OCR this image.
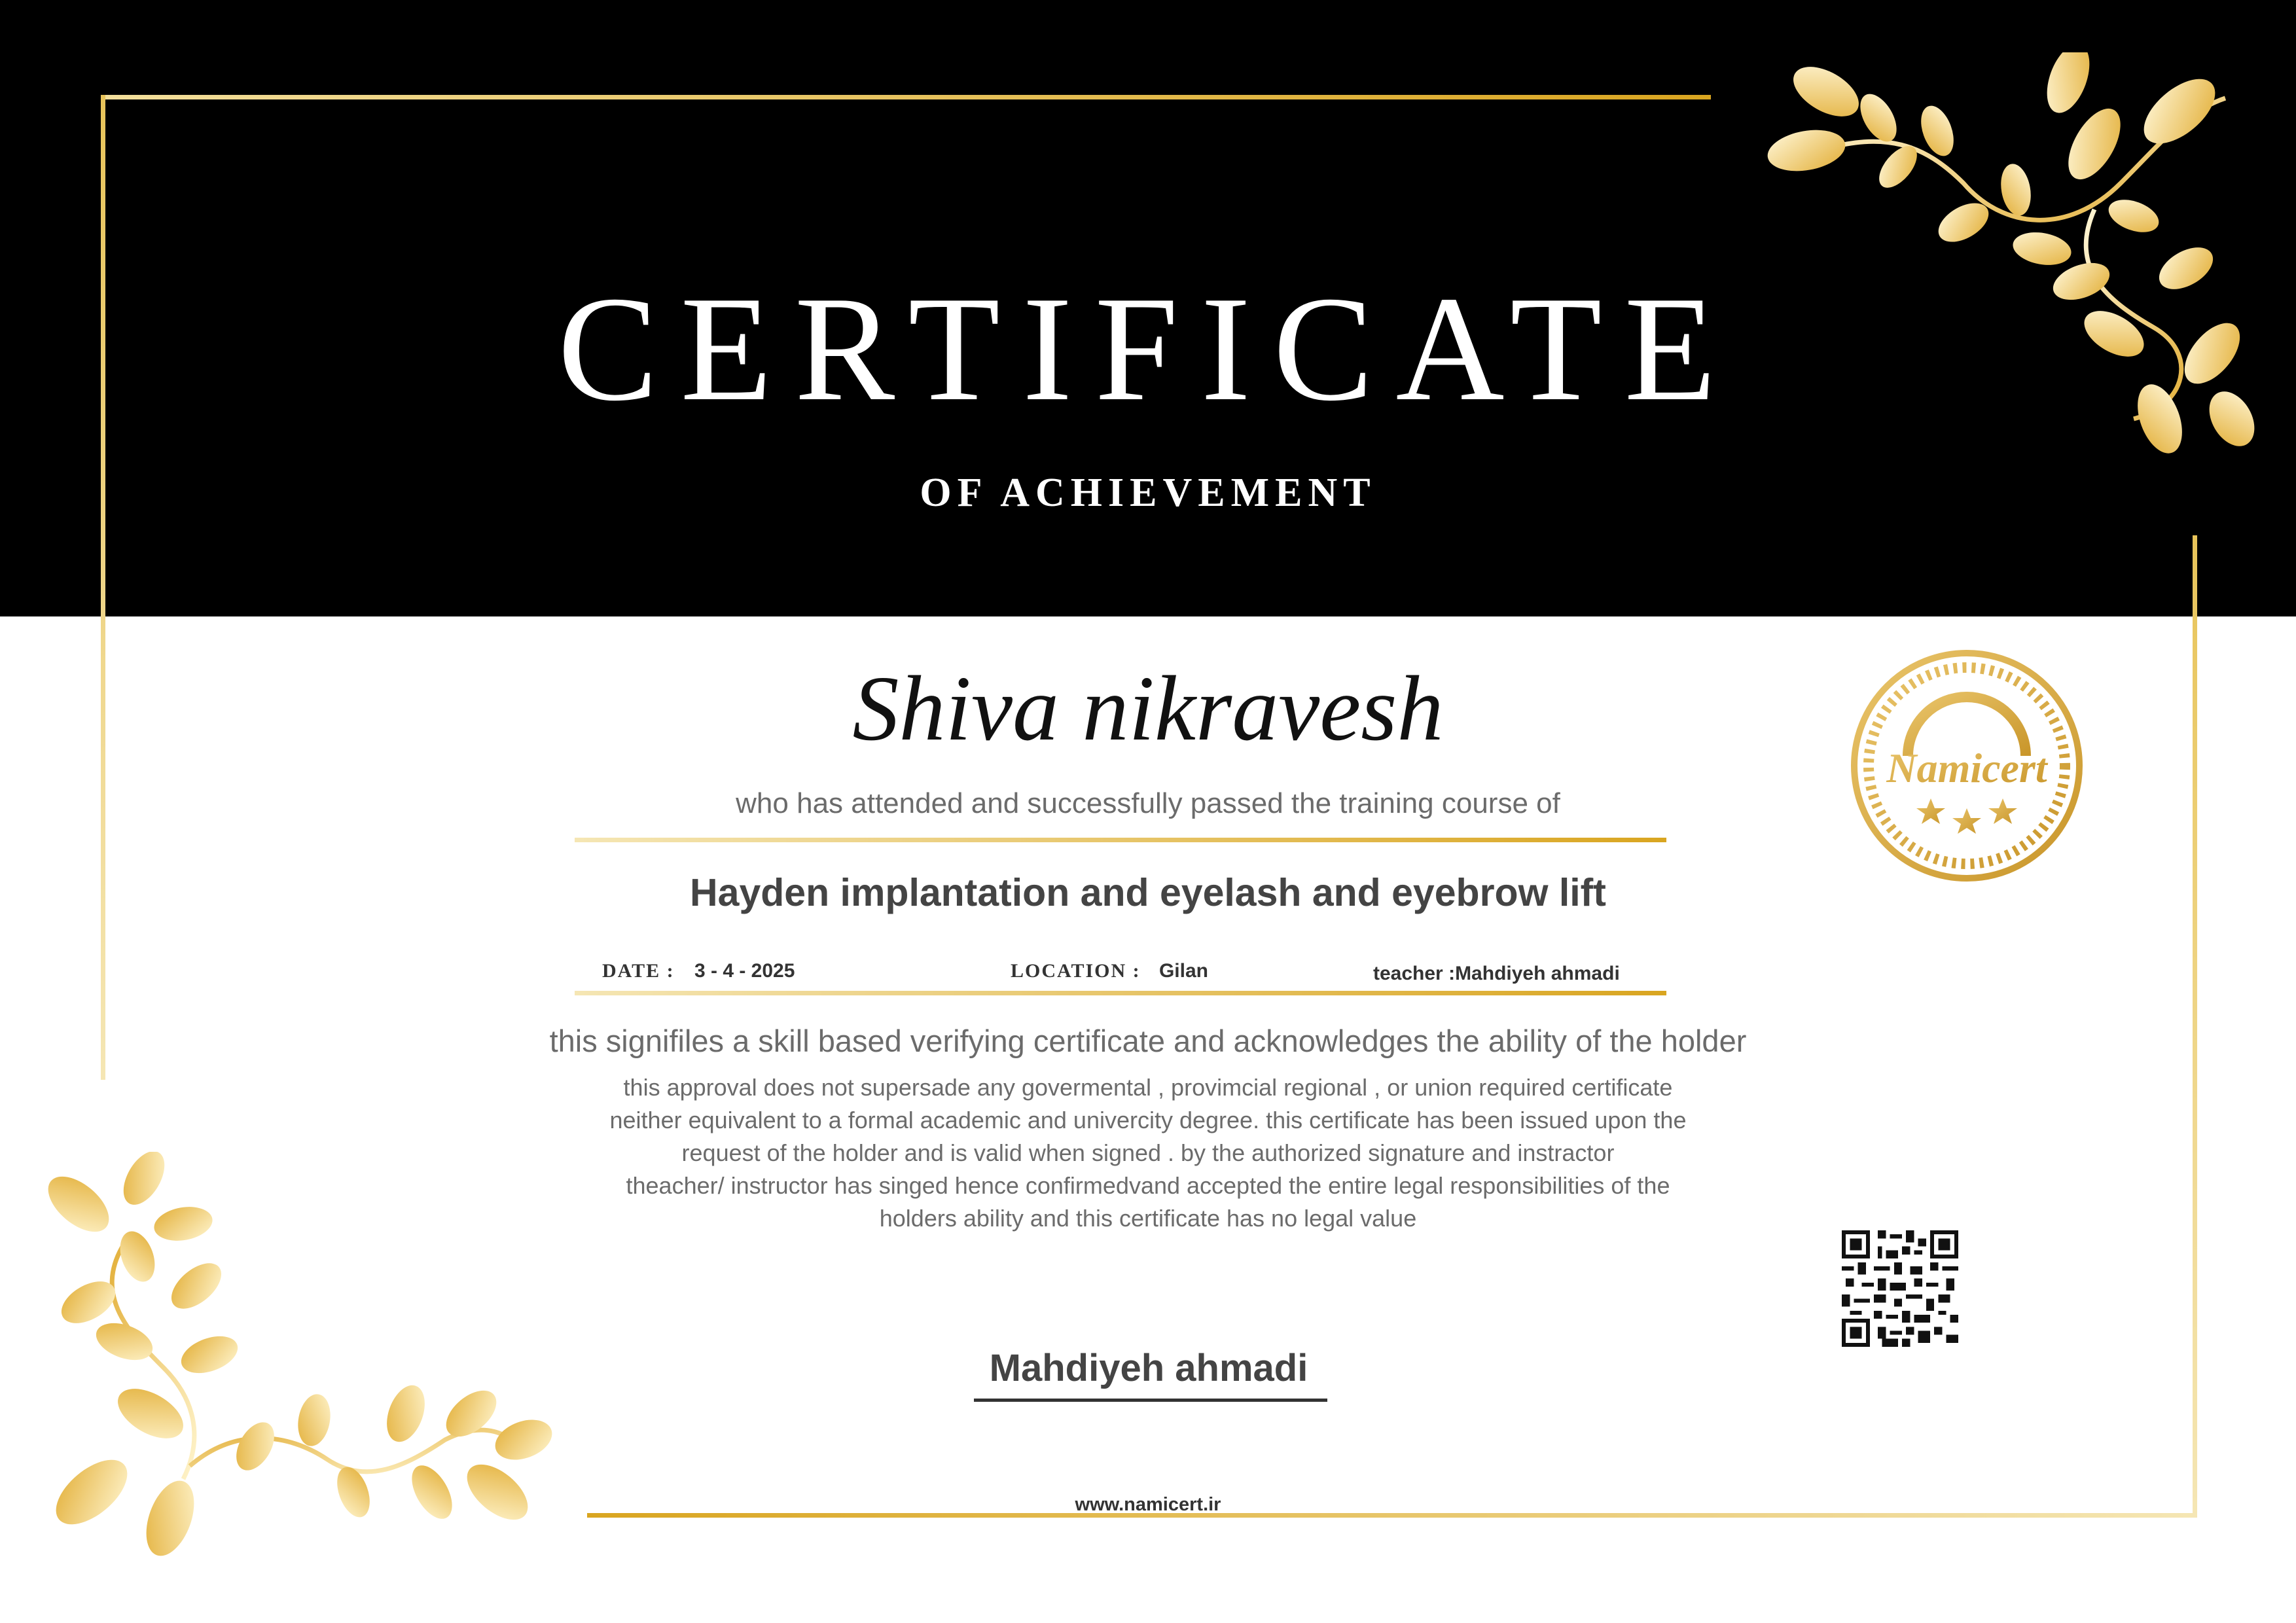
CERTIFICATE
OF ACHIEVEMENT
Shiva nikravesh
who has attended and successfully passed the training course of
Hayden implantation and eyelash and eyebrow lift
DATE : 3 - 4 - 2025	LOCATION : Gilan	teacher :Mahdiyeh ahmadi
this signifiles a skill based verifying certificate and acknowledges the ability of the holder
this approval does not supersade any govermental , provimcial regional , or union required certificate
neither equivalent to a formal academic and univercity degree. this certificate has been issued upon the
request of the holder and is valid when signed . by the authorized signature and instractor
theacher/ instructor has singed hence confirmedvand accepted the entire legal responsibilities of the
holders ability and this certificate has no legal value
Namicert
Mahdiyeh ahmadi
www.namicert.ir
